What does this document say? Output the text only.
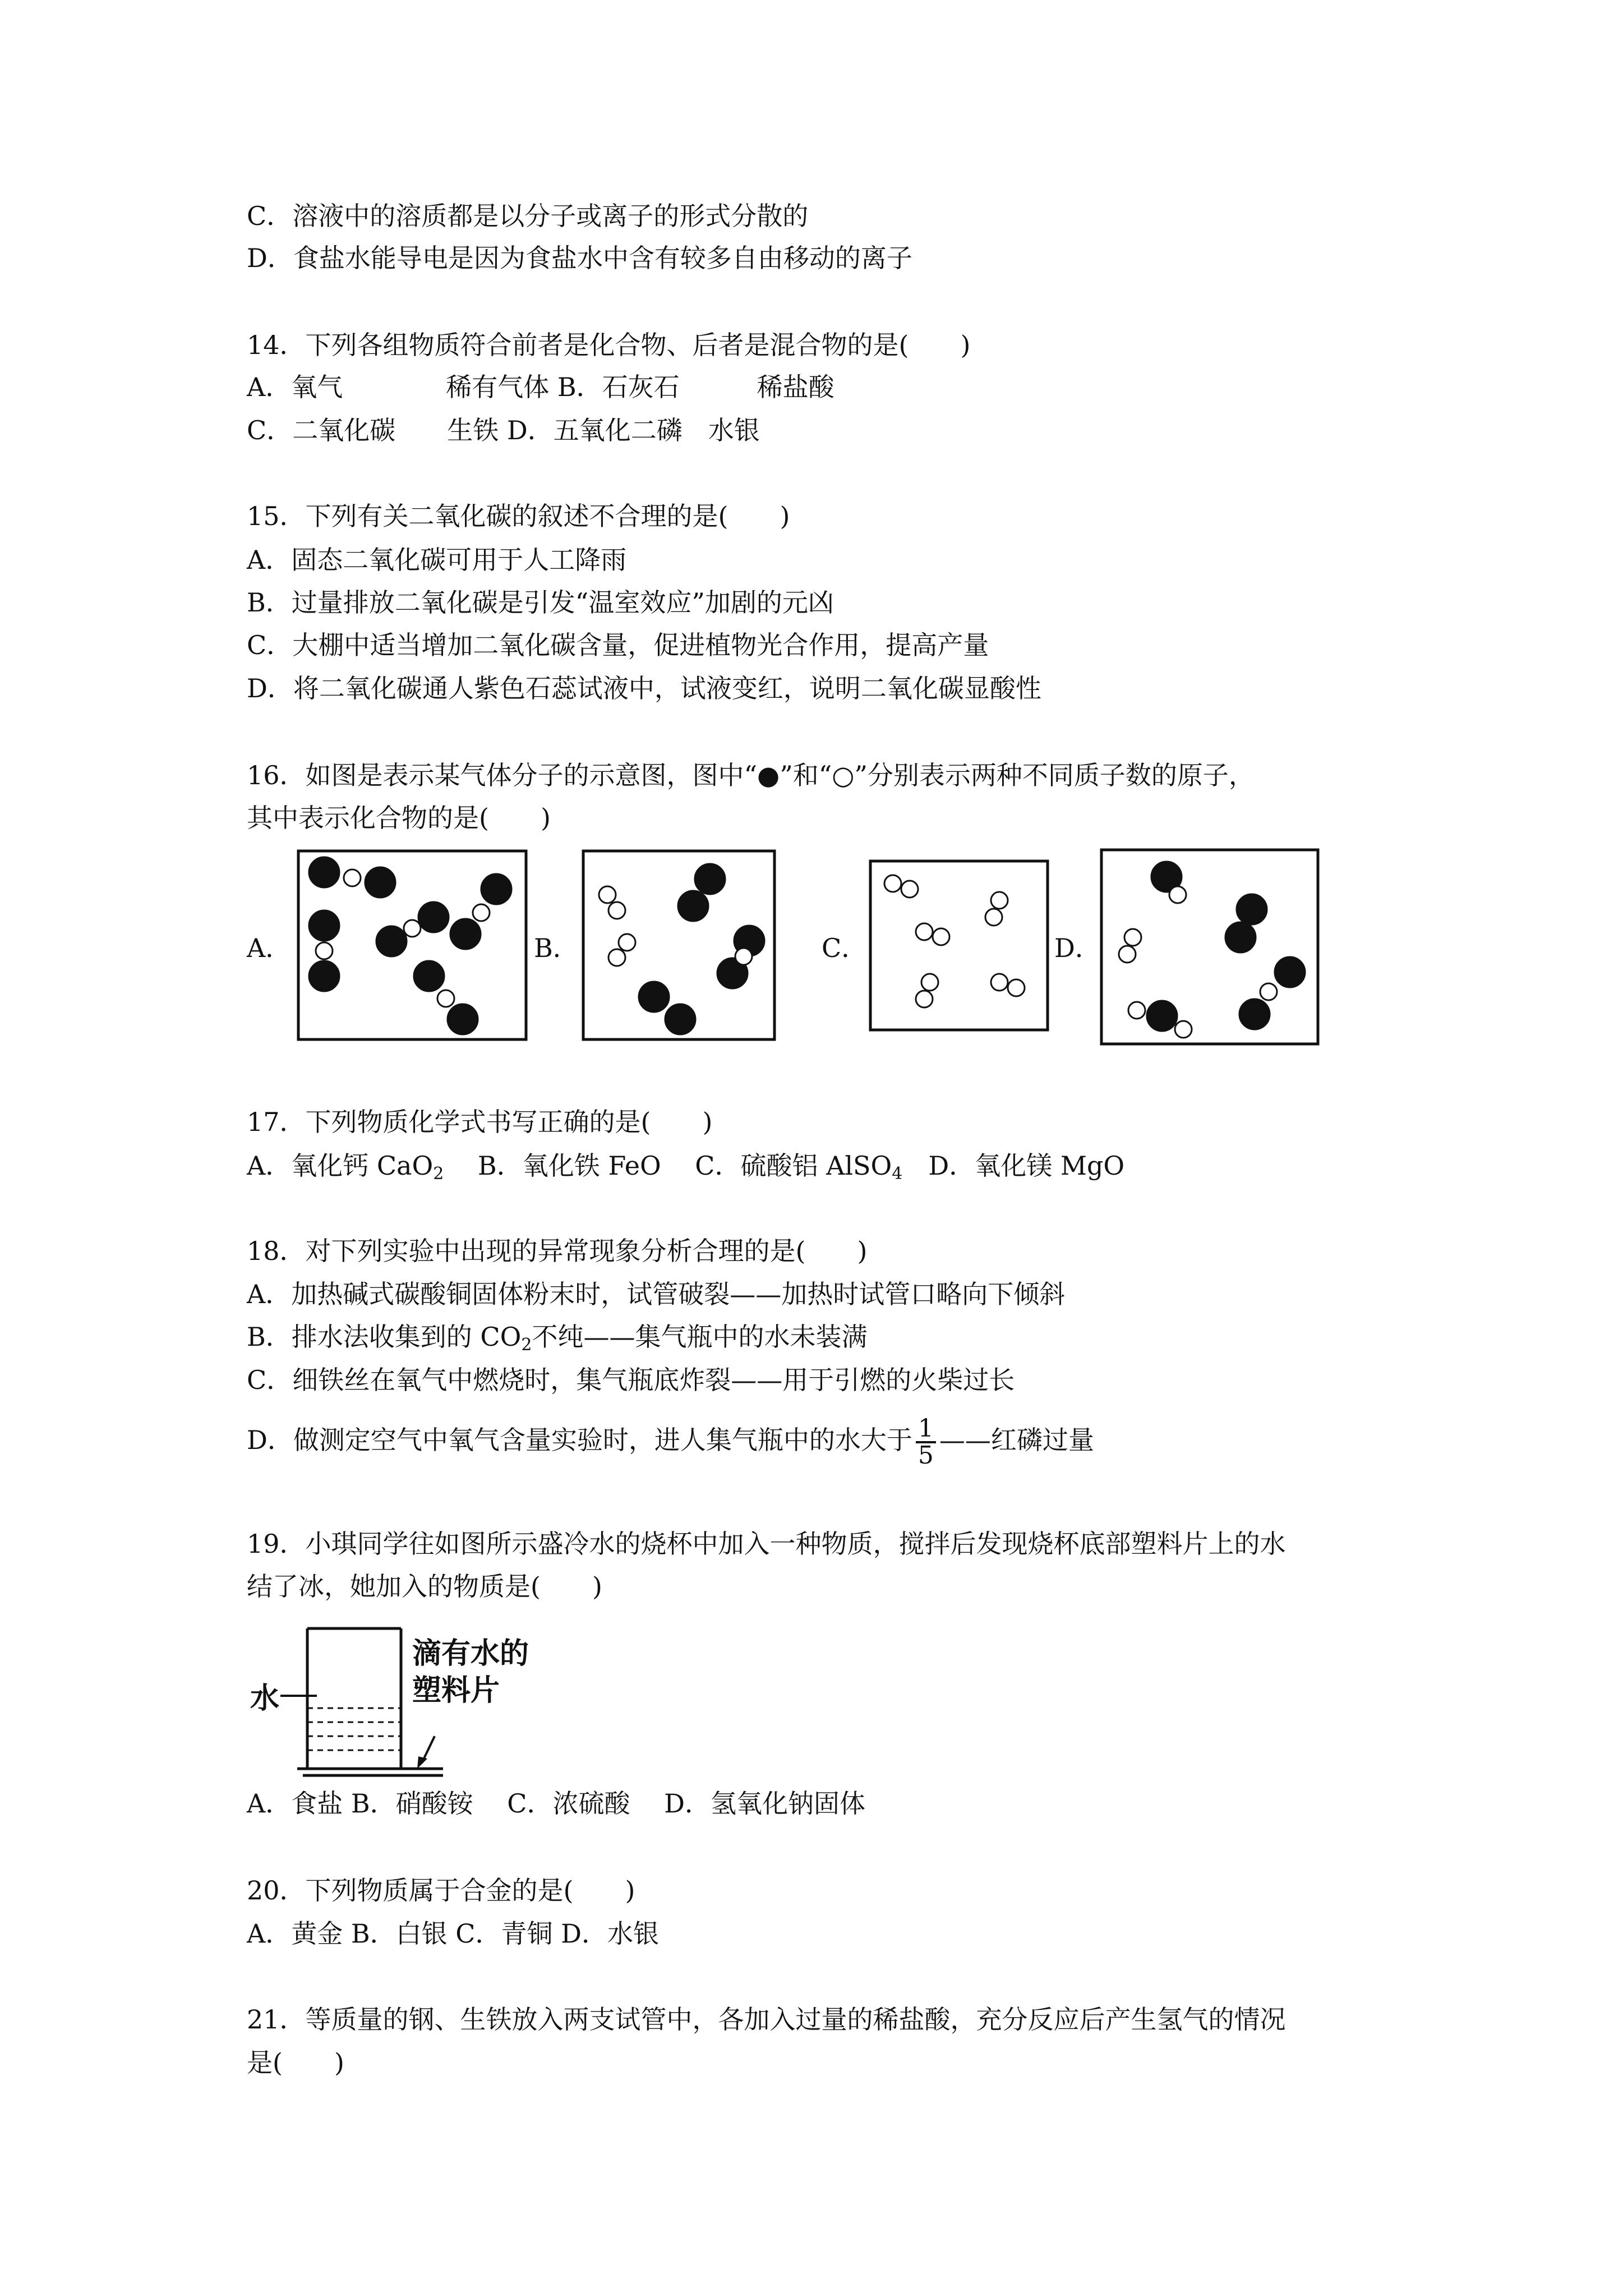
C．溶液中的溶质都是以分子或离子的形式分散的
D．食盐水能导电是因为食盐水中含有较多自由移动的离子
14．下列各组物质符合前者是化合物、后者是混合物的是(　　)
A．氧气　　　　稀有气体 B．石灰石　　　稀盐酸
C．二氧化碳　　生铁 D．五氧化二磷　水银
15．下列有关二氧化碳的叙述不合理的是(　　)
A．固态二氧化碳可用于人工降雨
B．过量排放二氧化碳是引发“温室效应”加剧的元凶
C．大棚中适当增加二氧化碳含量，促进植物光合作用，提高产量
D．将二氧化碳通人紫色石蕊试液中，试液变红，说明二氧化碳显酸性
16．如图是表示某气体分子的示意图，图中“●”和“○”分别表示两种不同质子数的原子，
其中表示化合物的是(　　)
A．	B．	C．	D．
17．下列物质化学式书写正确的是(　　)
A．氧化钙 CaO$_2$　 B．氧化铁 FeO　 C．硫酸铝 AlSO$_4$　D．氧化镁 MgO
18．对下列实验中出现的异常现象分析合理的是(　　)
A．加热碱式碳酸铜固体粉末时，试管破裂——加热时试管口略向下倾斜
B．排水法收集到的 $CO_2$不纯——集气瓶中的水未装满
C．细铁丝在氧气中燃烧时，集气瓶底炸裂——用于引燃的火柴过长
D．做测定空气中氧气含量实验时，进人集气瓶中的水大于 $\frac{1}{5}$ ——红磷过量
19．小琪同学往如图所示盛冷水的烧杯中加入一种物质，搅拌后发现烧杯底部塑料片上的水
结了冰，她加入的物质是(　　)
水
滴有水的
塑料片
A．食盐 B．硝酸铵　 C．浓硫酸　 D．氢氧化钠固体
20．下列物质属于合金的是(　　)
A．黄金 B．白银 C．青铜 D．水银
21．等质量的钢、生铁放入两支试管中，各加入过量的稀盐酸，充分反应后产生氢气的情况
是(　　)
